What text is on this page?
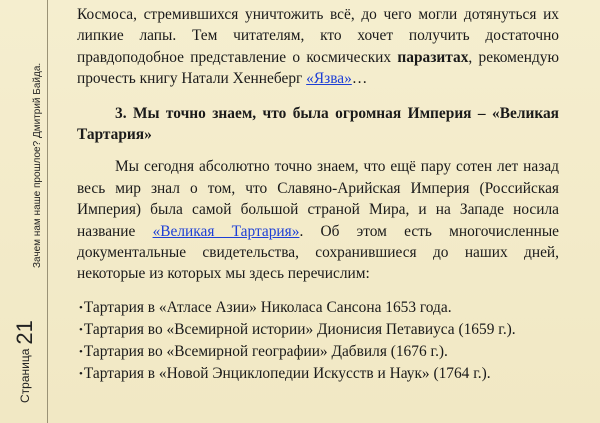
Зачем нам наше прошлое? Дмитрий Байда.
Страница21

Космоса, стремившихся уничтожить всё, до чего могли дотянуться их липкие лапы. Тем читателям, кто хочет получить достаточно правдоподобное представление о космических паразитах, рекомендую прочесть книгу Натали Хеннеберг «Язва»…

3. Мы точно знаем, что была огромная Империя – «Великая Тартария»

Мы сегодня абсолютно точно знаем, что ещё пару сотен лет назад весь мир знал о том, что Славяно-Арийская Империя (Российская Империя) была самой большой страной Мира, и на Западе носила название «Великая Тартария». Об этом есть многочисленные документальные свидетельства, сохранившиеся до наших дней, некоторые из которых мы здесь перечислим:

•Тартария в «Атласе Азии» Николаса Сансона 1653 года.
•Тартария во «Всемирной истории» Дионисия Петавиуса (1659 г.).
•Тартария во «Всемирной географии» Дабвиля (1676 г.).
•Тартария в «Новой Энциклопедии Искусств и Наук» (1764 г.).
